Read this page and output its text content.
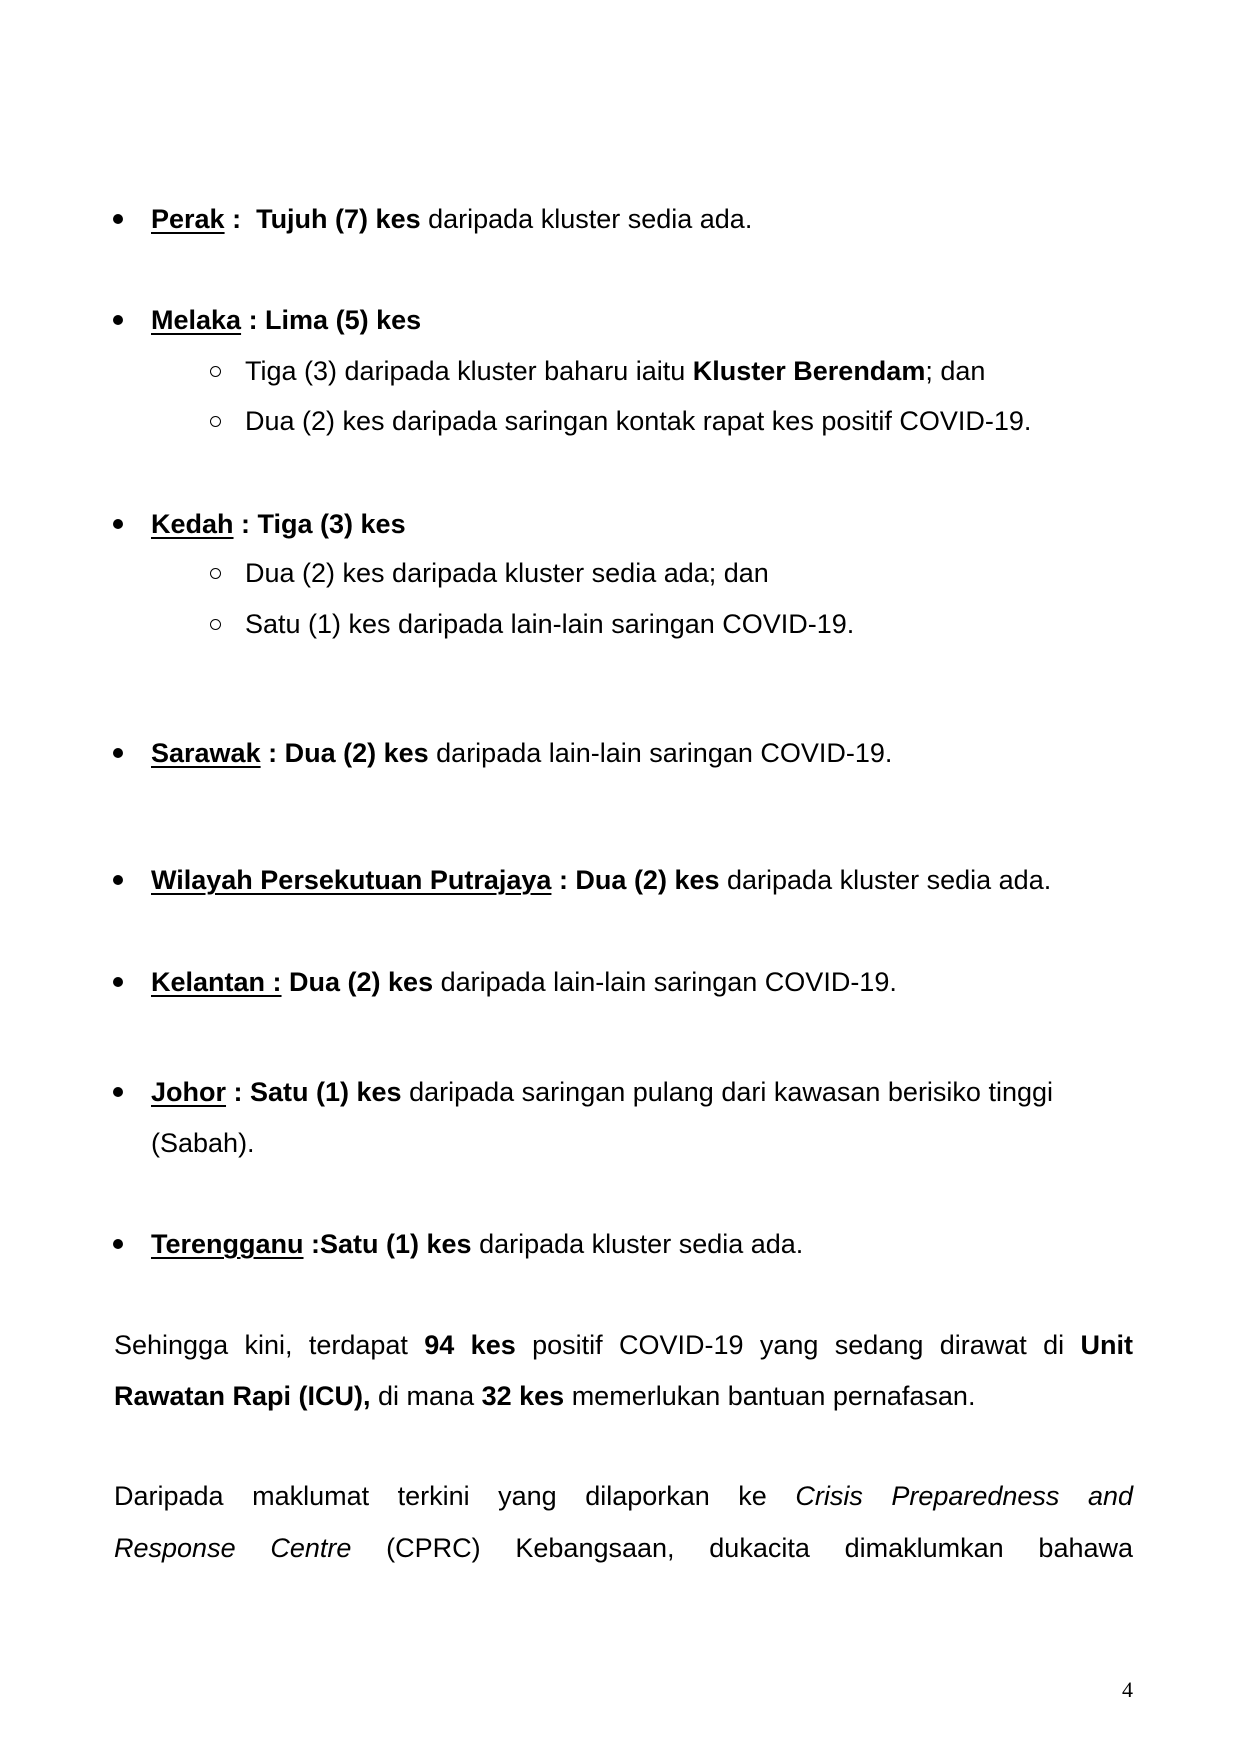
Perak :  Tujuh (7) kes daripada kluster sedia ada.
Melaka : Lima (5) kes
Tiga (3) daripada kluster baharu iaitu Kluster Berendam; dan
Dua (2) kes daripada saringan kontak rapat kes positif COVID-19.
Kedah : Tiga (3) kes
Dua (2) kes daripada kluster sedia ada; dan
Satu (1) kes daripada lain-lain saringan COVID-19.
Sarawak : Dua (2) kes daripada lain-lain saringan COVID-19.
Wilayah Persekutuan Putrajaya : Dua (2) kes daripada kluster sedia ada.
Kelantan : Dua (2) kes daripada lain-lain saringan COVID-19.
Johor : Satu (1) kes daripada saringan pulang dari kawasan berisiko tinggi
(Sabah).
Terengganu :Satu (1) kes daripada kluster sedia ada.
Sehingga kini, terdapat 94 kes positif COVID-19 yang sedang dirawat di Unit
Rawatan Rapi (ICU), di mana 32 kes memerlukan bantuan pernafasan.
Daripada maklumat terkini yang dilaporkan ke Crisis Preparedness and
Response Centre (CPRC) Kebangsaan, dukacita dimaklumkan bahawa
4
